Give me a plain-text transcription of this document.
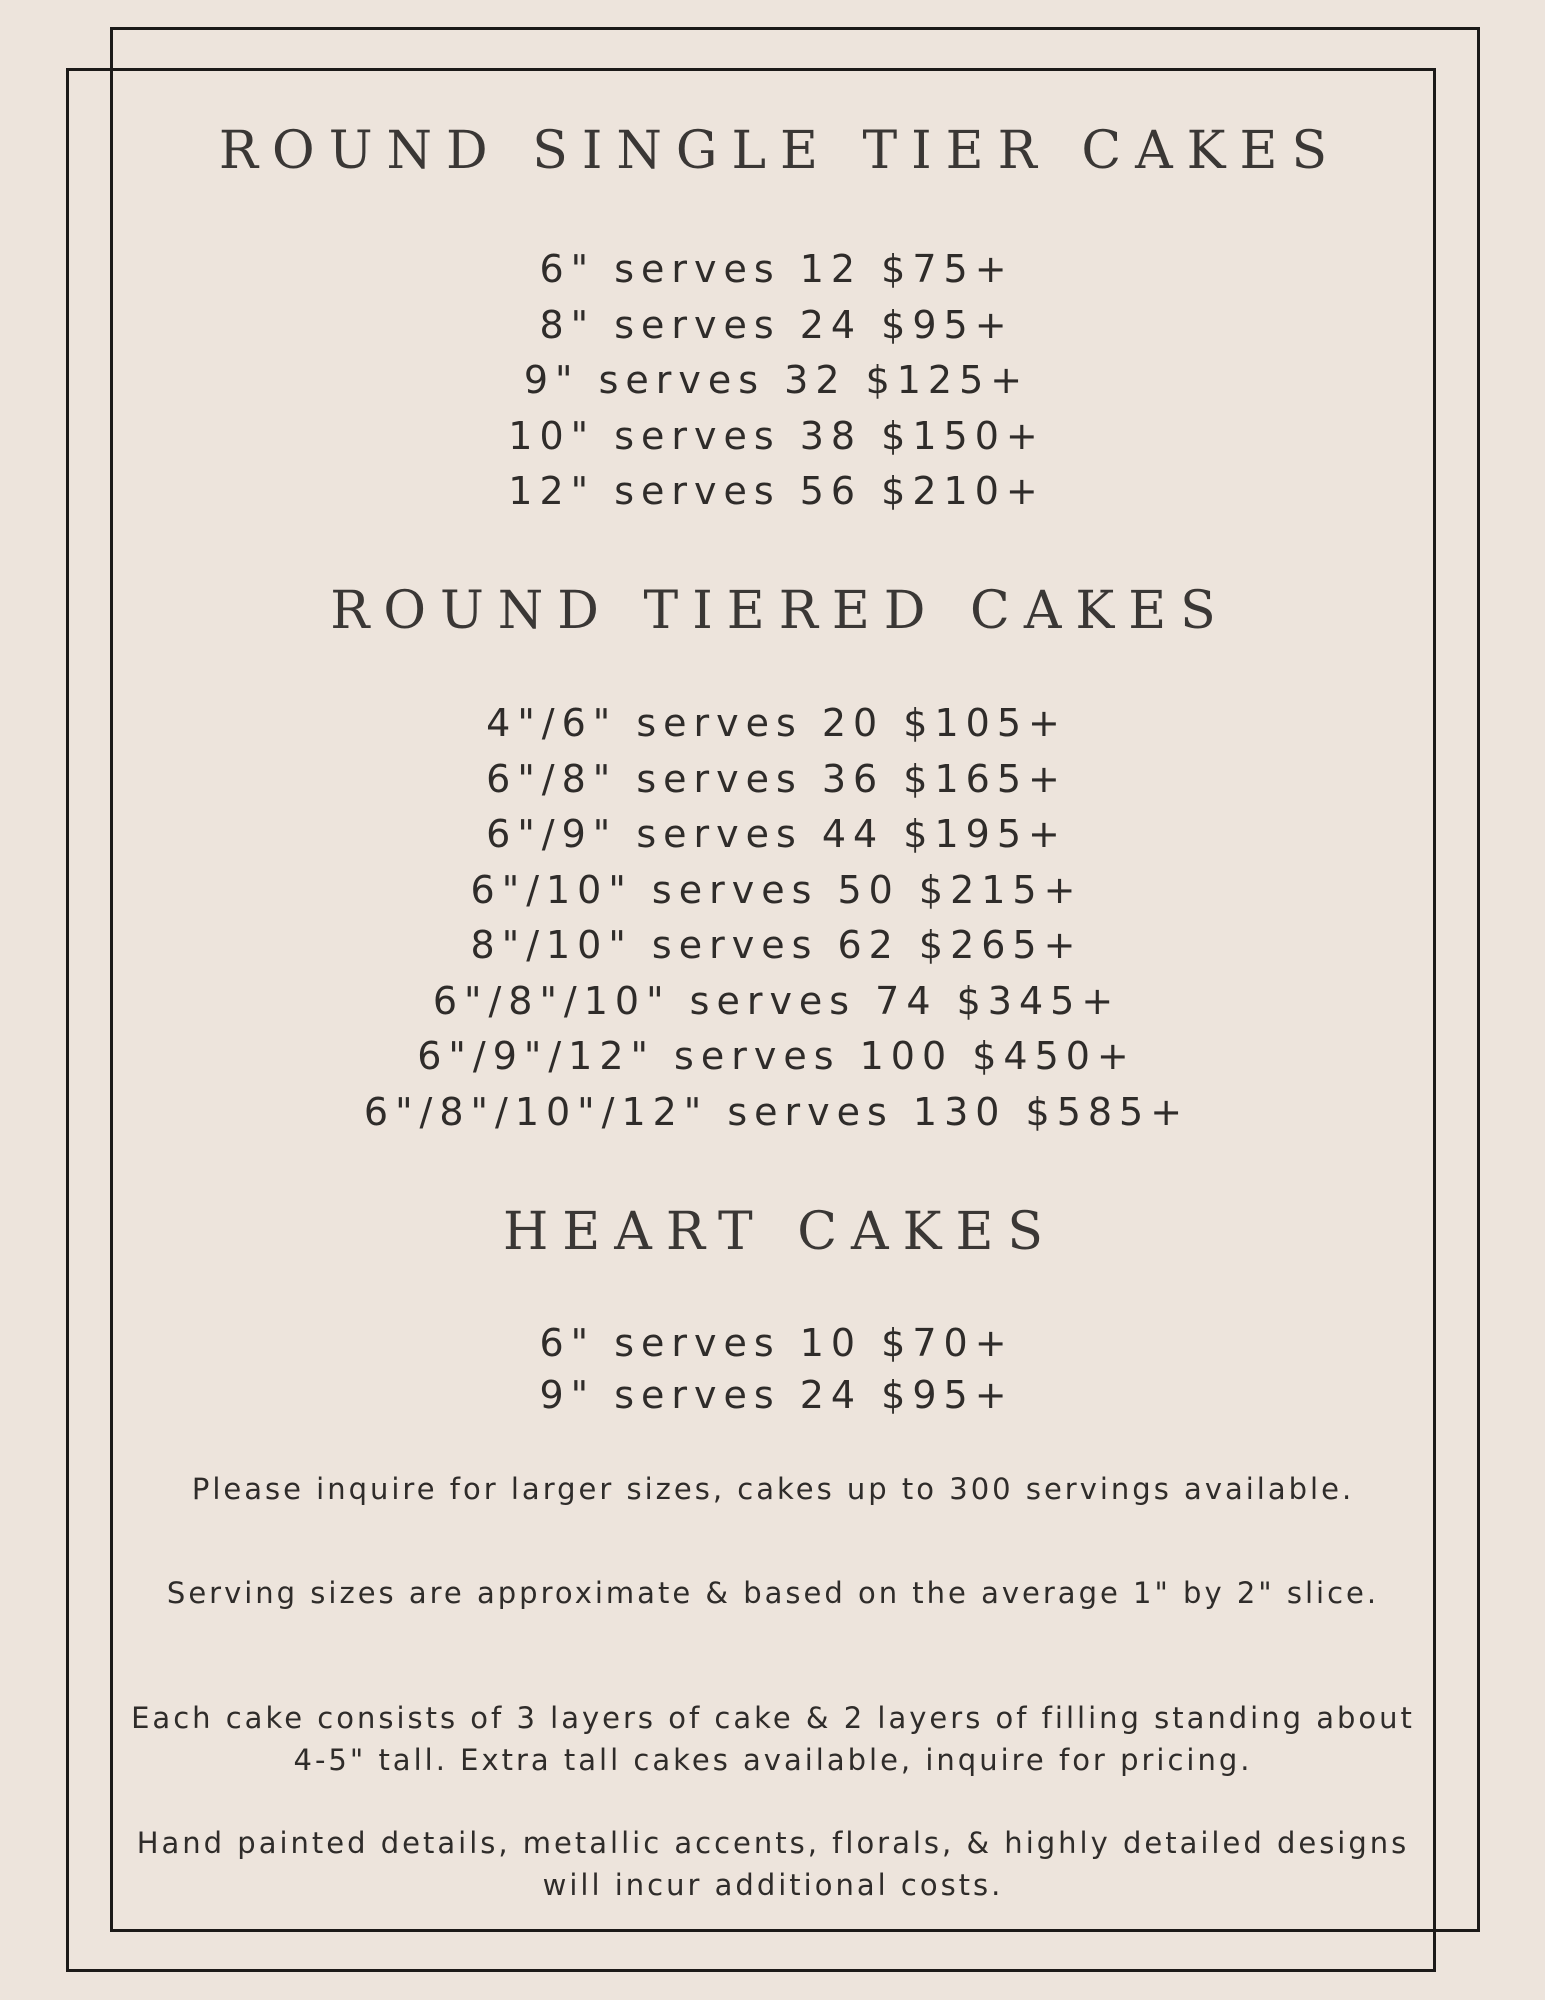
ROUND SINGLE TIER CAKES
6" serves 12 $75+
8" serves 24 $95+
9" serves 32 $125+
10" serves 38 $150+
12" serves 56 $210+
ROUND TIERED CAKES
4"/6" serves 20 $105+
6"/8" serves 36 $165+
6"/9" serves 44 $195+
6"/10" serves 50 $215+
8"/10" serves 62 $265+
6"/8"/10" serves 74 $345+
6"/9"/12" serves 100 $450+
6"/8"/10"/12" serves 130 $585+
HEART CAKES
6" serves 10 $70+
9" serves 24 $95+

Please inquire for larger sizes, cakes up to 300 servings available.

Serving sizes are approximate & based on the average 1" by 2" slice.

Each cake consists of 3 layers of cake & 2 layers of filling standing about 4-5" tall. Extra tall cakes available, inquire for pricing.

Hand painted details, metallic accents, florals, & highly detailed designs will incur additional costs.
